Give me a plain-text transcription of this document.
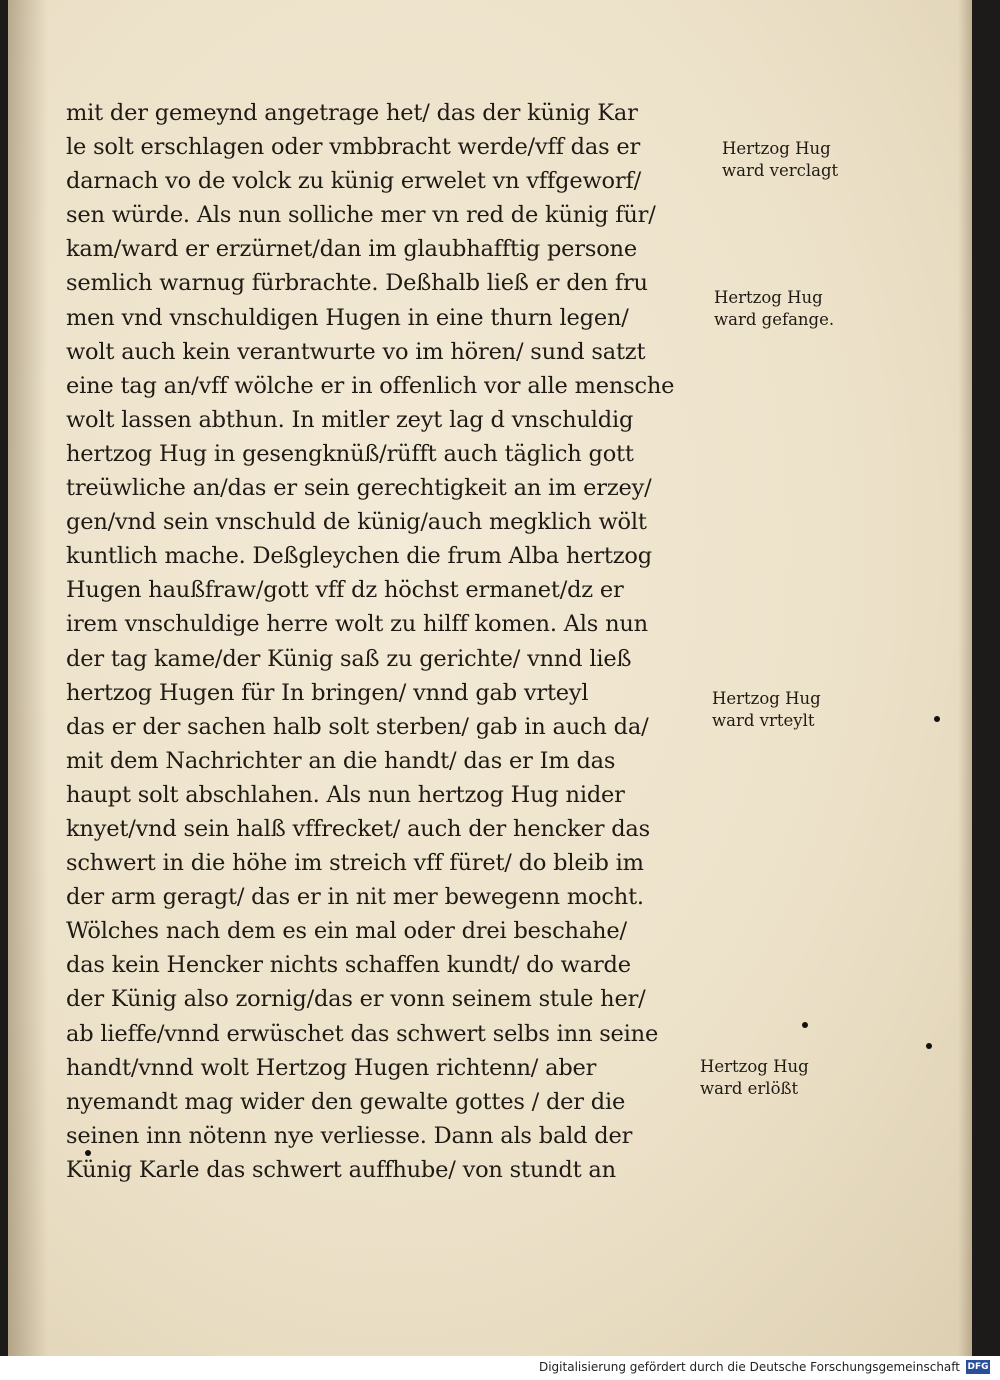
mit der gemeynd angetrage het/ das der künig Kar
le solt erschlagen oder vmbbracht werde/vff das er
darnach vo de volck zu künig erwelet vn vffgeworf/
sen würde. Als nun solliche mer vn red de künig für/
kam/ward er erzürnet/dan im glaubhafftig persone
semlich warnug fürbrachte. Deßhalb ließ er den fru
men vnd vnschuldigen Hugen in eine thurn legen/
wolt auch kein verantwurte vo im hören/ sund satzt
eine tag an/vff wölche er in offenlich vor alle mensche
wolt lassen abthun. In mitler zeyt lag d vnschuldig
hertzog Hug in gesengknüß/rüfft auch täglich gott
treüwliche an/das er sein gerechtigkeit an im erzey/
gen/vnd sein vnschuld de künig/auch megklich wölt
kuntlich mache. Deßgleychen die frum Alba hertzog
Hugen haußfraw/gott vff dz höchst ermanet/dz er
irem vnschuldige herre wolt zu hilff komen. Als nun
der tag kame/der Künig saß zu gerichte/ vnnd ließ
hertzog Hugen für In bringen/ vnnd gab vrteyl
das er der sachen halb solt sterben/ gab in auch da/
mit dem Nachrichter an die handt/ das er Im das
haupt solt abschlahen. Als nun hertzog Hug nider
knyet/vnd sein halß vffrecket/ auch der hencker das
schwert in die höhe im streich vff füret/ do bleib im
der arm geragt/ das er in nit mer bewegenn mocht.
Wölches nach dem es ein mal oder drei beschahe/
das kein Hencker nichts schaffen kundt/ do warde
der Künig also zornig/das er vonn seinem stule her/
ab lieffe/vnnd erwüschet das schwert selbs inn seine
handt/vnnd wolt Hertzog Hugen richtenn/ aber
nyemandt mag wider den gewalte gottes / der die
seinen inn nötenn nye verliesse. Dann als bald der
Künig Karle das schwert auffhube/ von stundt an
Hertzog Hug
ward verclagt
Hertzog Hug
ward gefange.
Hertzog Hug
ward vrteylt
Hertzog Hug
ward erlößt
Digitalisierung gefördert durch die Deutsche Forschungsgemeinschaft DFG
